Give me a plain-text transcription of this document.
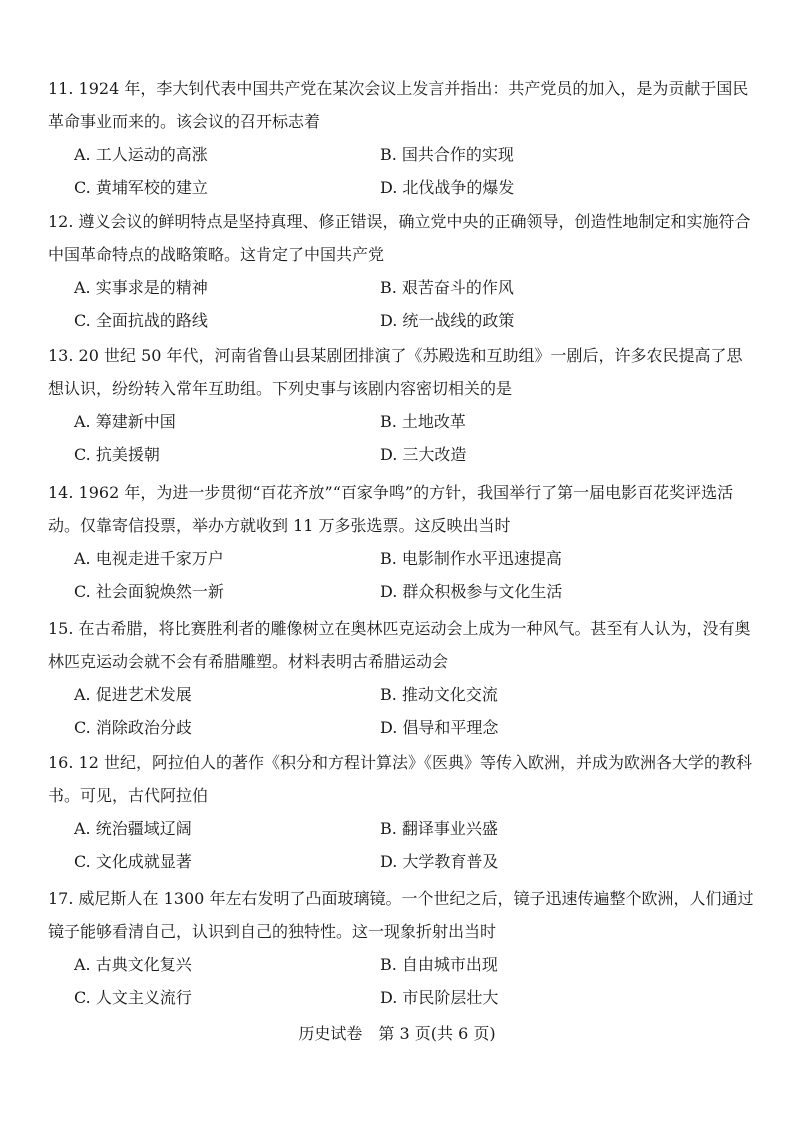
11. 1924 年，李大钊代表中国共产党在某次会议上发言并指出：共产党员的加入，是为贡献于国民革命事业而来的。该会议的召开标志着
A. 工人运动的高涨	B. 国共合作的实现
C. 黄埔军校的建立	D. 北伐战争的爆发
12. 遵义会议的鲜明特点是坚持真理、修正错误，确立党中央的正确领导，创造性地制定和实施符合中国革命特点的战略策略。这肯定了中国共产党
A. 实事求是的精神	B. 艰苦奋斗的作风
C. 全面抗战的路线	D. 统一战线的政策
13. 20 世纪 50 年代，河南省鲁山县某剧团排演了《苏殿选和互助组》一剧后，许多农民提高了思想认识，纷纷转入常年互助组。下列史事与该剧内容密切相关的是
A. 筹建新中国	B. 土地改革
C. 抗美援朝	D. 三大改造
14. 1962 年，为进一步贯彻“百花齐放”“百家争鸣”的方针，我国举行了第一届电影百花奖评选活动。仅靠寄信投票，举办方就收到 11 万多张选票。这反映出当时
A. 电视走进千家万户	B. 电影制作水平迅速提高
C. 社会面貌焕然一新	D. 群众积极参与文化生活
15. 在古希腊，将比赛胜利者的雕像树立在奥林匹克运动会上成为一种风气。甚至有人认为，没有奥林匹克运动会就不会有希腊雕塑。材料表明古希腊运动会
A. 促进艺术发展	B. 推动文化交流
C. 消除政治分歧	D. 倡导和平理念
16. 12 世纪，阿拉伯人的著作《积分和方程计算法》《医典》等传入欧洲，并成为欧洲各大学的教科书。可见，古代阿拉伯
A. 统治疆域辽阔	B. 翻译事业兴盛
C. 文化成就显著	D. 大学教育普及
17. 威尼斯人在 1300 年左右发明了凸面玻璃镜。一个世纪之后，镜子迅速传遍整个欧洲，人们通过镜子能够看清自己，认识到自己的独特性。这一现象折射出当时
A. 古典文化复兴	B. 自由城市出现
C. 人文主义流行	D. 市民阶层壮大
历史试卷　第 3 页(共 6 页)
